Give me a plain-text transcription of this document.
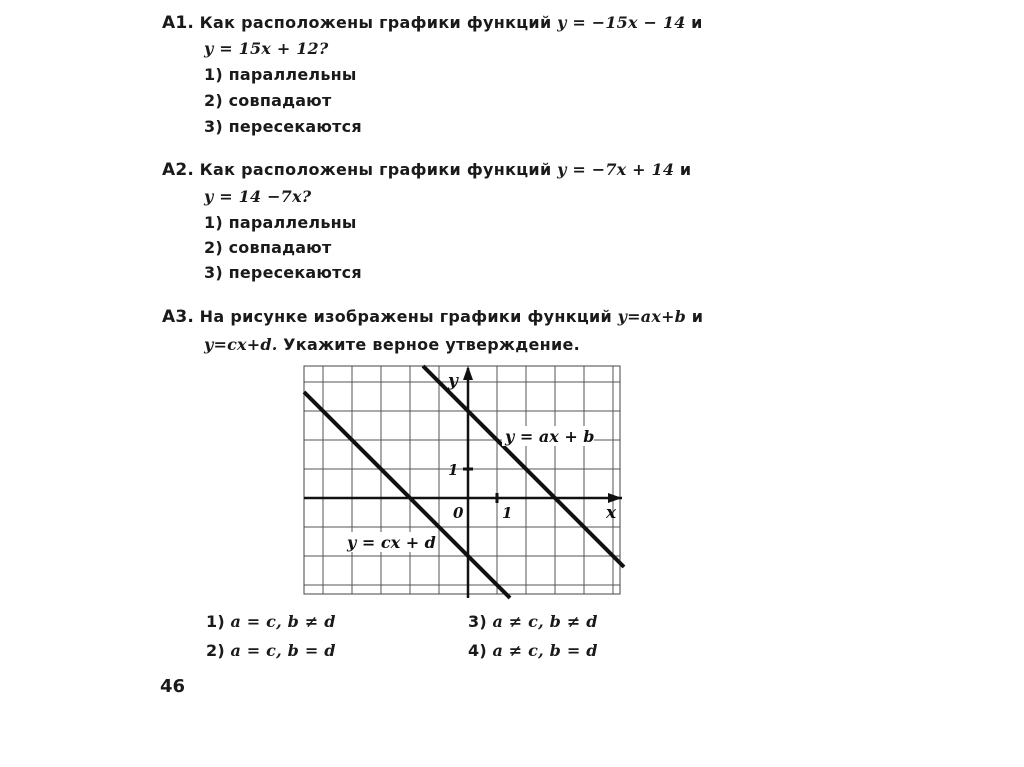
А1. Как расположены графики функций y = −15x − 14 и
y = 15x + 12?
1) параллельны
2) совпадают
3) пересекаются
А2. Как расположены графики функций y = −7x + 14 и
y = 14 −7x?
1) параллельны
2) совпадают
3) пересекаются
А3. На рисунке изображены графики функций y=ax+b и
y=cx+d. Укажите верное утверждение.
y = ax + b
y = cx + d
0	1
1
x
y
1) a = c, b ≠ d	3) a ≠ c, b ≠ d
2) a = c, b = d	4) a ≠ c, b = d
46
